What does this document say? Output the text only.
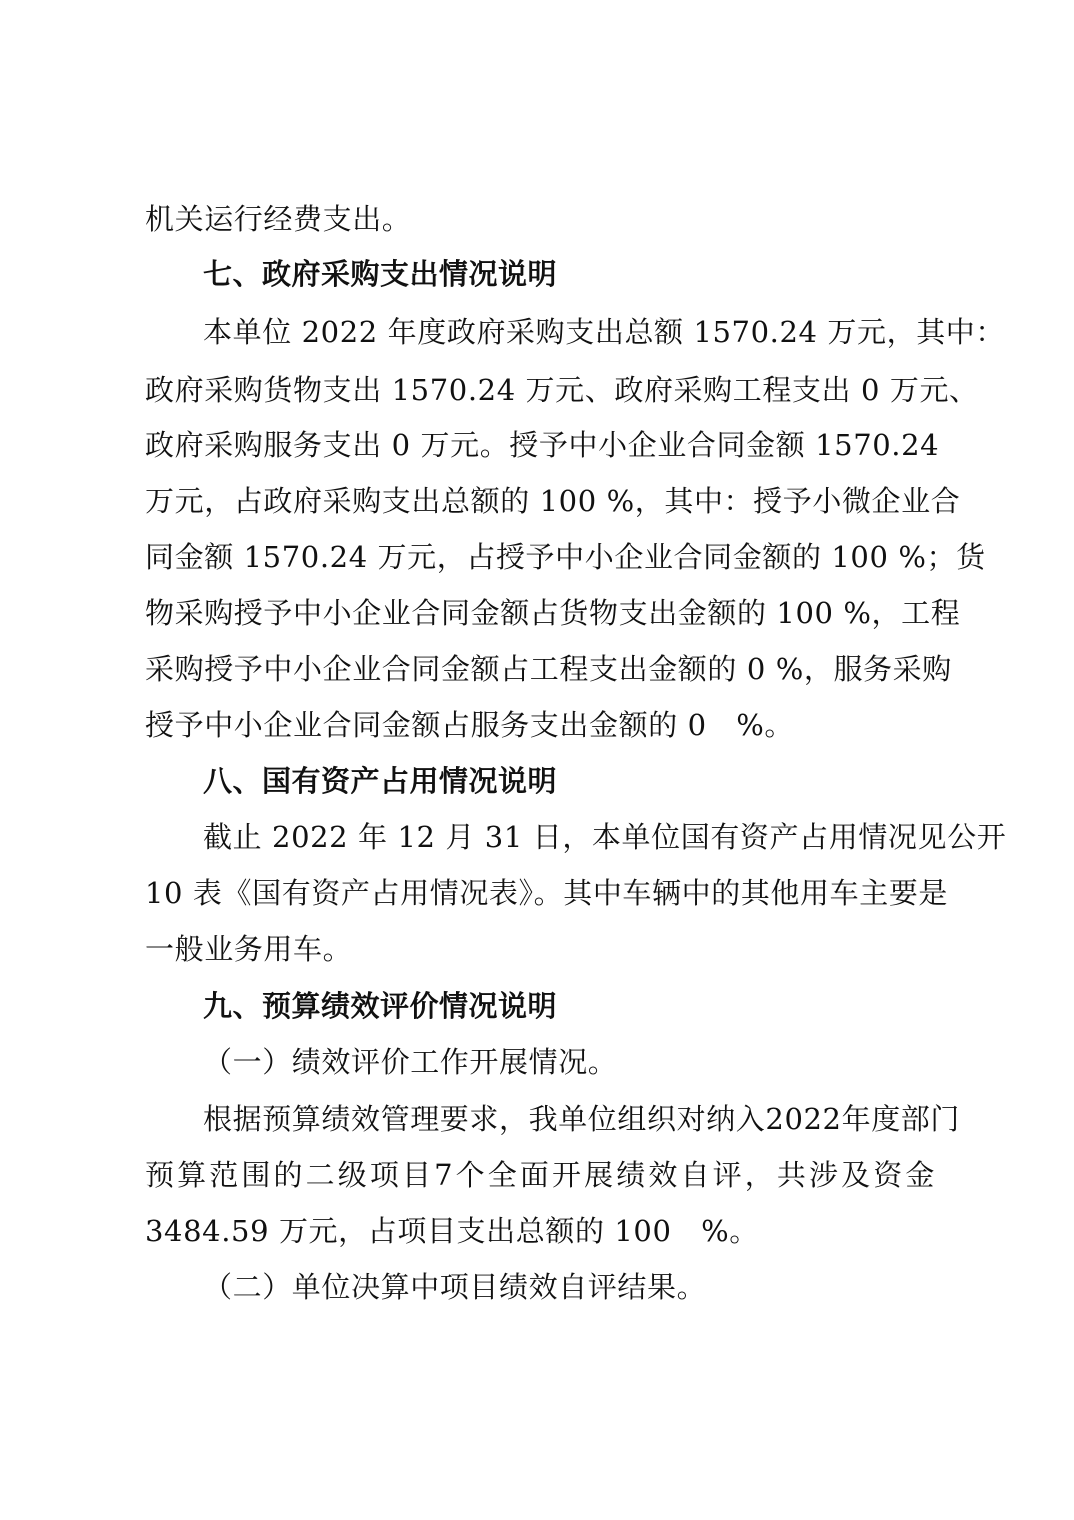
机关运行经费支出。
七、政府采购支出情况说明
本单位 2022 年度政府采购支出总额 1570.24 万元，其中：
政府采购货物支出 1570.24 万元、政府采购工程支出 0 万元、
政府采购服务支出 0 万元。授予中小企业合同金额 1570.24
万元，占政府采购支出总额的 100 %，其中：授予小微企业合
同金额 1570.24 万元，占授予中小企业合同金额的 100 %；货
物采购授予中小企业合同金额占货物支出金额的 100 %，工程
采购授予中小企业合同金额占工程支出金额的 0 %，服务采购
授予中小企业合同金额占服务支出金额的 0　%。
八、国有资产占用情况说明
截止 2022 年 12 月 31 日，本单位国有资产占用情况见公开
10 表《国有资产占用情况表》。其中车辆中的其他用车主要是
一般业务用车。
九、预算绩效评价情况说明
（一）绩效评价工作开展情况。
根据预算绩效管理要求，我单位组织对纳入2022年度部门
预算范围的二级项目7个全面开展绩效自评，共涉及资金
3484.59 万元，占项目支出总额的 100　%。
（二）单位决算中项目绩效自评结果。
